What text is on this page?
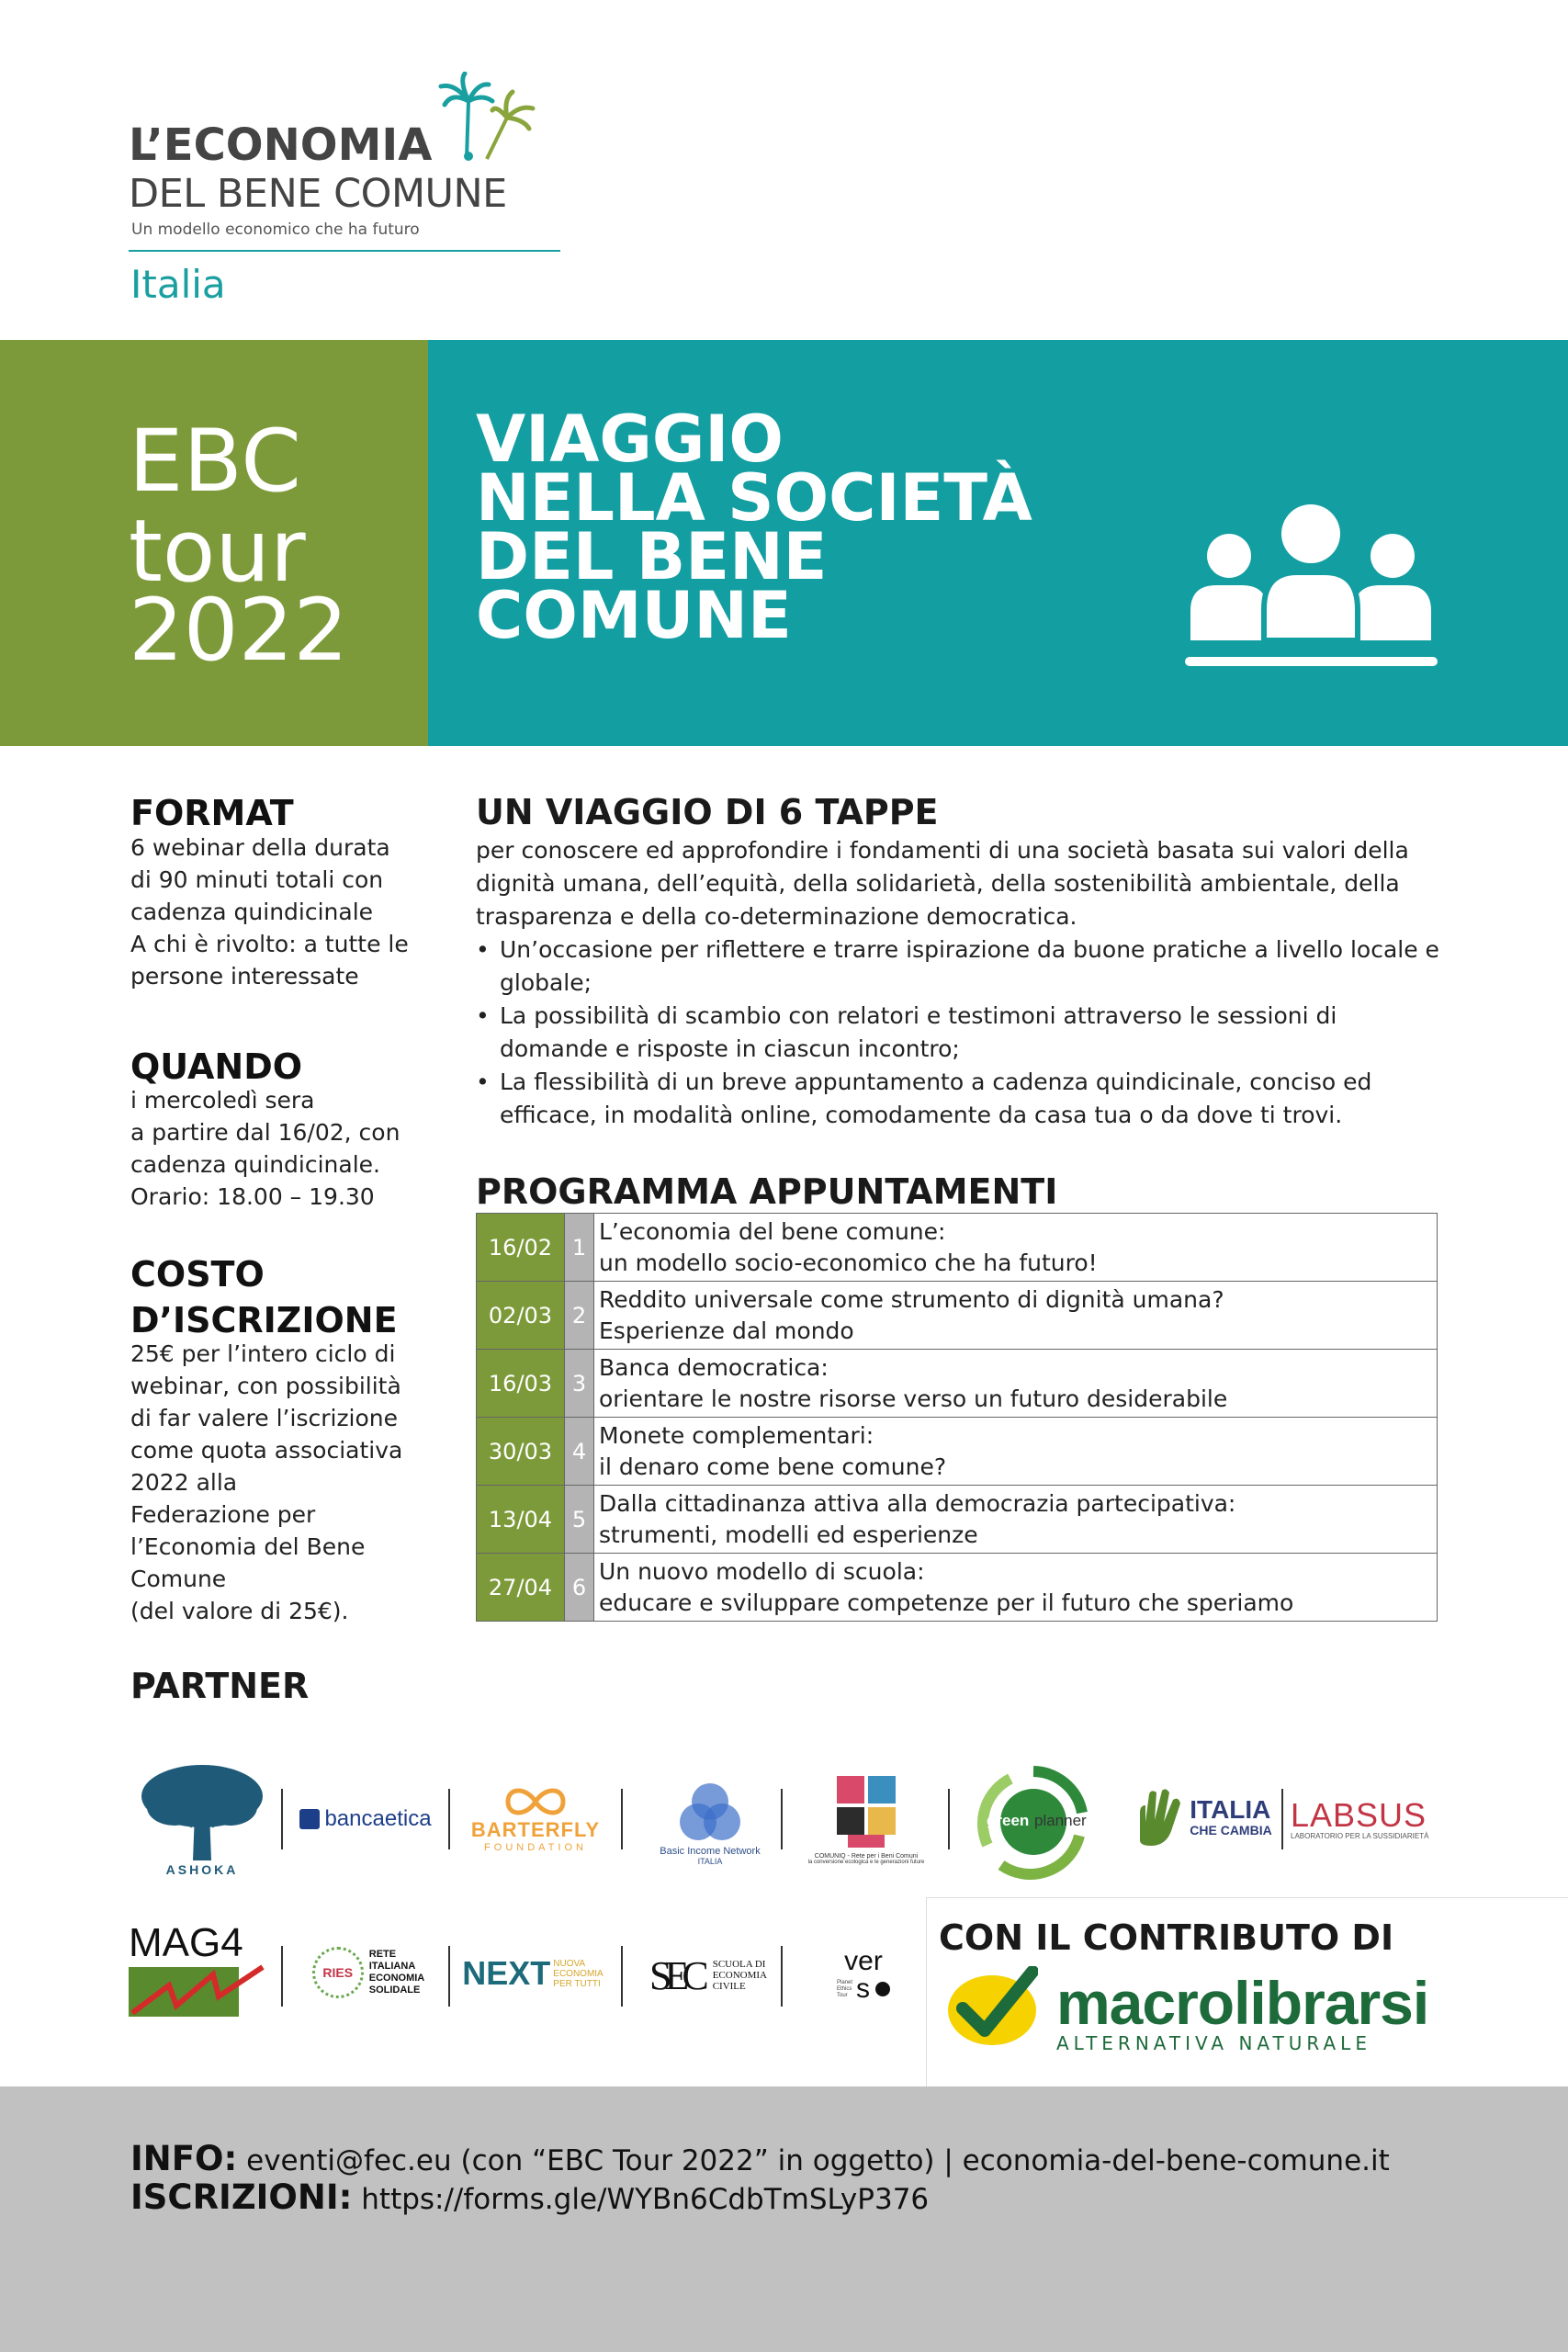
L’ECONOMIA
DEL BENE COMUNE
Un modello economico che ha futuro
Italia
EBC
tour
2022
VIAGGIO
NELLA SOCIETÀ
DEL BENE
COMUNE
FORMAT
6 webinar della durata
di 90 minuti totali con
cadenza quindicinale
A chi è rivolto: a tutte le
persone interessate
QUANDO
i mercoledì sera
a partire dal 16/02, con
cadenza quindicinale.
Orario: 18.00 – 19.30
COSTO
D’ISCRIZIONE
25€ per l’intero ciclo di
webinar, con possibilità
di far valere l’iscrizione
come quota associativa
2022 alla
Federazione per
l’Economia del Bene
Comune
(del valore di 25€).
UN VIAGGIO DI 6 TAPPE
per conoscere ed approfondire i fondamenti di una società basata sui valori della
dignità umana, dell’equità, della solidarietà, della sostenibilità ambientale, della
trasparenza e della co-determinazione democratica.
• Un’occasione per riflettere e trarre ispirazione da buone pratiche a livello locale e
globale;
• La possibilità di scambio con relatori e testimoni attraverso le sessioni di
domande e risposte in ciascun incontro;
• La flessibilità di un breve appuntamento a cadenza quindicinale, conciso ed
efficace, in modalità online, comodamente da casa tua o da dove ti trovi.
PROGRAMMA APPUNTAMENTI
16/02	1	L’economia del bene comune:
un modello socio-economico che ha futuro!

02/03	2	Reddito universale come strumento di dignità umana?
Esperienze dal mondo

16/03	3	Banca democratica:
orientare le nostre risorse verso un futuro desiderabile

30/03	4	Monete complementari:
il denaro come bene comune?

13/04	5	Dalla cittadinanza attiva alla democrazia partecipativa:
strumenti, modelli ed esperienze

27/04	6	Un nuovo modello di scuola:
educare e sviluppare competenze per il futuro che speriamo
PARTNER
ASHOKA
bancaetica BARTERFLY
FOUNDATION	Basic Income Network
ITALIA
COMUNIQ - Rete per i Beni Comuni
la conversione ecologica e le generazioni future
green planner	ITALIA
CHE CAMBIA LABSUS
LABORATORIO PER LA SUSSIDIARIETÀ
MAG4
RIES
RETE
ITALIANA
ECONOMIA
SOLIDALE NEXT NUOVA
ECONOMIA
PER TUTTI SEC SCUOLA DI
ECONOMIA
CIVILE
ver
Planet
Ethics
Tour s
CON IL CONTRIBUTO DI
macrolibrarsi
ALTERNATIVA NATURALE
INFO: eventi@fec.eu (con “EBC Tour 2022” in oggetto) | economia-del-bene-comune.it
ISCRIZIONI: https://forms.gle/WYBn6CdbTmSLyP376
